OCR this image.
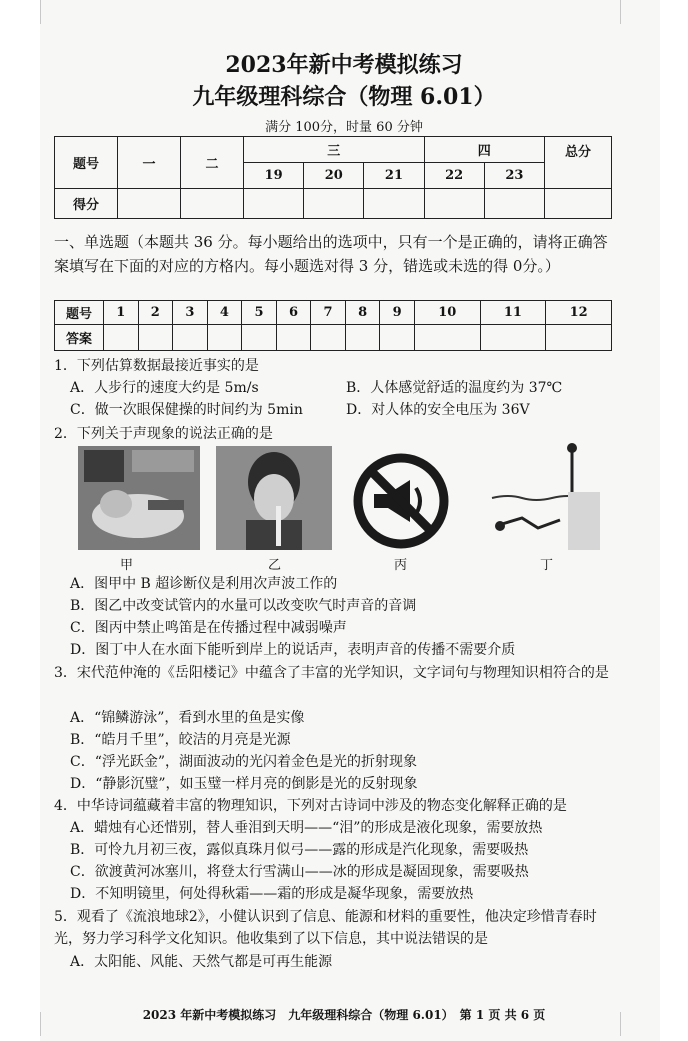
2023年新中考模拟练习
九年级理科综合（物理 6.01）
满分 100分，时量 60 分钟
题号	一	二	三			四		总分
			19	20	21	22	23	
得分								
一、单选题（本题共 36 分。每小题给出的选项中，只有一个是正确的，请将正确答案填写在下面的对应的方格内。每小题选对得 3 分，错选或未选的得 0分。）
题号	1	2	3	4	5	6	7	8	9	10	11	12
答案												
1．下列估算数据最接近事实的是
A．人步行的速度大约是 5m/s	B．人体感觉舒适的温度约为 37℃
C．做一次眼保健操的时间约为 5min	D．对人体的安全电压为 36V
2．下列关于声现象的说法正确的是
甲	乙	丙	丁
A．图甲中 B 超诊断仪是利用次声波工作的
B．图乙中改变试管内的水量可以改变吹气时声音的音调
C．图丙中禁止鸣笛是在传播过程中减弱噪声
D．图丁中人在水面下能听到岸上的说话声，表明声音的传播不需要介质
3．宋代范仲淹的《岳阳楼记》中蕴含了丰富的光学知识，文字词句与物理知识相符合的是
A．“锦鳞游泳”，看到水里的鱼是实像
B．“皓月千里”，皎洁的月亮是光源
C．“浮光跃金”，湖面波动的光闪着金色是光的折射现象
D．“静影沉璧”，如玉璧一样月亮的倒影是光的反射现象
4．中华诗词蕴藏着丰富的物理知识，下列对古诗词中涉及的物态变化解释正确的是
A．蜡烛有心还惜别，替人垂泪到天明——“泪”的形成是液化现象，需要放热
B．可怜九月初三夜，露似真珠月似弓——露的形成是汽化现象，需要吸热
C．欲渡黄河冰塞川，将登太行雪满山——冰的形成是凝固现象，需要吸热
D．不知明镜里，何处得秋霜——霜的形成是凝华现象，需要放热
5．观看了《流浪地球2》，小健认识到了信息、能源和材料的重要性，他决定珍惜青春时光，努力学习科学文化知识。他收集到了以下信息，其中说法错误的是
A．太阳能、风能、天然气都是可再生能源
2023 年新中考模拟练习　九年级理科综合（物理 6.01）　第 1 页 共 6 页
